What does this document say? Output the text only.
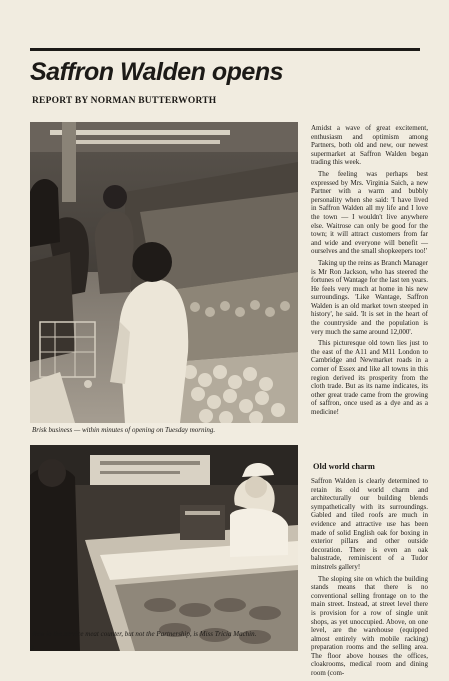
Saffron Walden opens
REPORT BY NORMAN BUTTERWORTH
Brisk business — within minutes of opening on Tuesday morning.
New to the service meat counter, but not the Partnership, is Miss Tricia Machin.

Amidst a wave of great excitement, enthusiasm and optimism among Partners, both old and new, our newest supermarket at Saffron Walden began trading this week.

The feeling was perhaps best expressed by Mrs. Virginia Saich, a new Partner with a warm and bubbly personality when she said: 'I have lived in Saffron Walden all my life and I love the town — I wouldn't live anywhere else. Waitrose can only be good for the town; it will attract customers from far and wide and everyone will benefit — ourselves and the small shopkeepers too!'

Taking up the reins as Branch Manager is Mr Ron Jackson, who has steered the fortunes of Wantage for the last ten years. He feels very much at home in his new surroundings. 'Like Wantage, Saffron Walden is an old market town steeped in history', he said. 'It is set in the heart of the countryside and the population is very much the same around 12,000'.

This picturesque old town lies just to the east of the A11 and M11 London to Cambridge and Newmarket roads in a corner of Essex and like all towns in this region derived its prosperity from the cloth trade. But as its name indicates, its other great trade came from the growing of saffron, once used as a dye and as a medicine!

Old world charm

Saffron Walden is clearly determined to retain its old world charm and architecturally our building blends sympathetically with its surroundings. Gabled and tiled roofs are much in evidence and attractive use has been made of solid English oak for boxing in exterior pillars and other outside decoration. There is even an oak balustrade, reminiscent of a Tudor minstrels gallery!

The sloping site on which the building stands means that there is no conventional selling frontage on to the main street. Instead, at street level there is provision for a row of single unit shops, as yet unoccupied. Above, on one level, are the warehouse (equipped almost entirely with mobile racking) preparation rooms and the selling area. The floor above houses the offices, cloakrooms, medical room and dining room (com-

8
